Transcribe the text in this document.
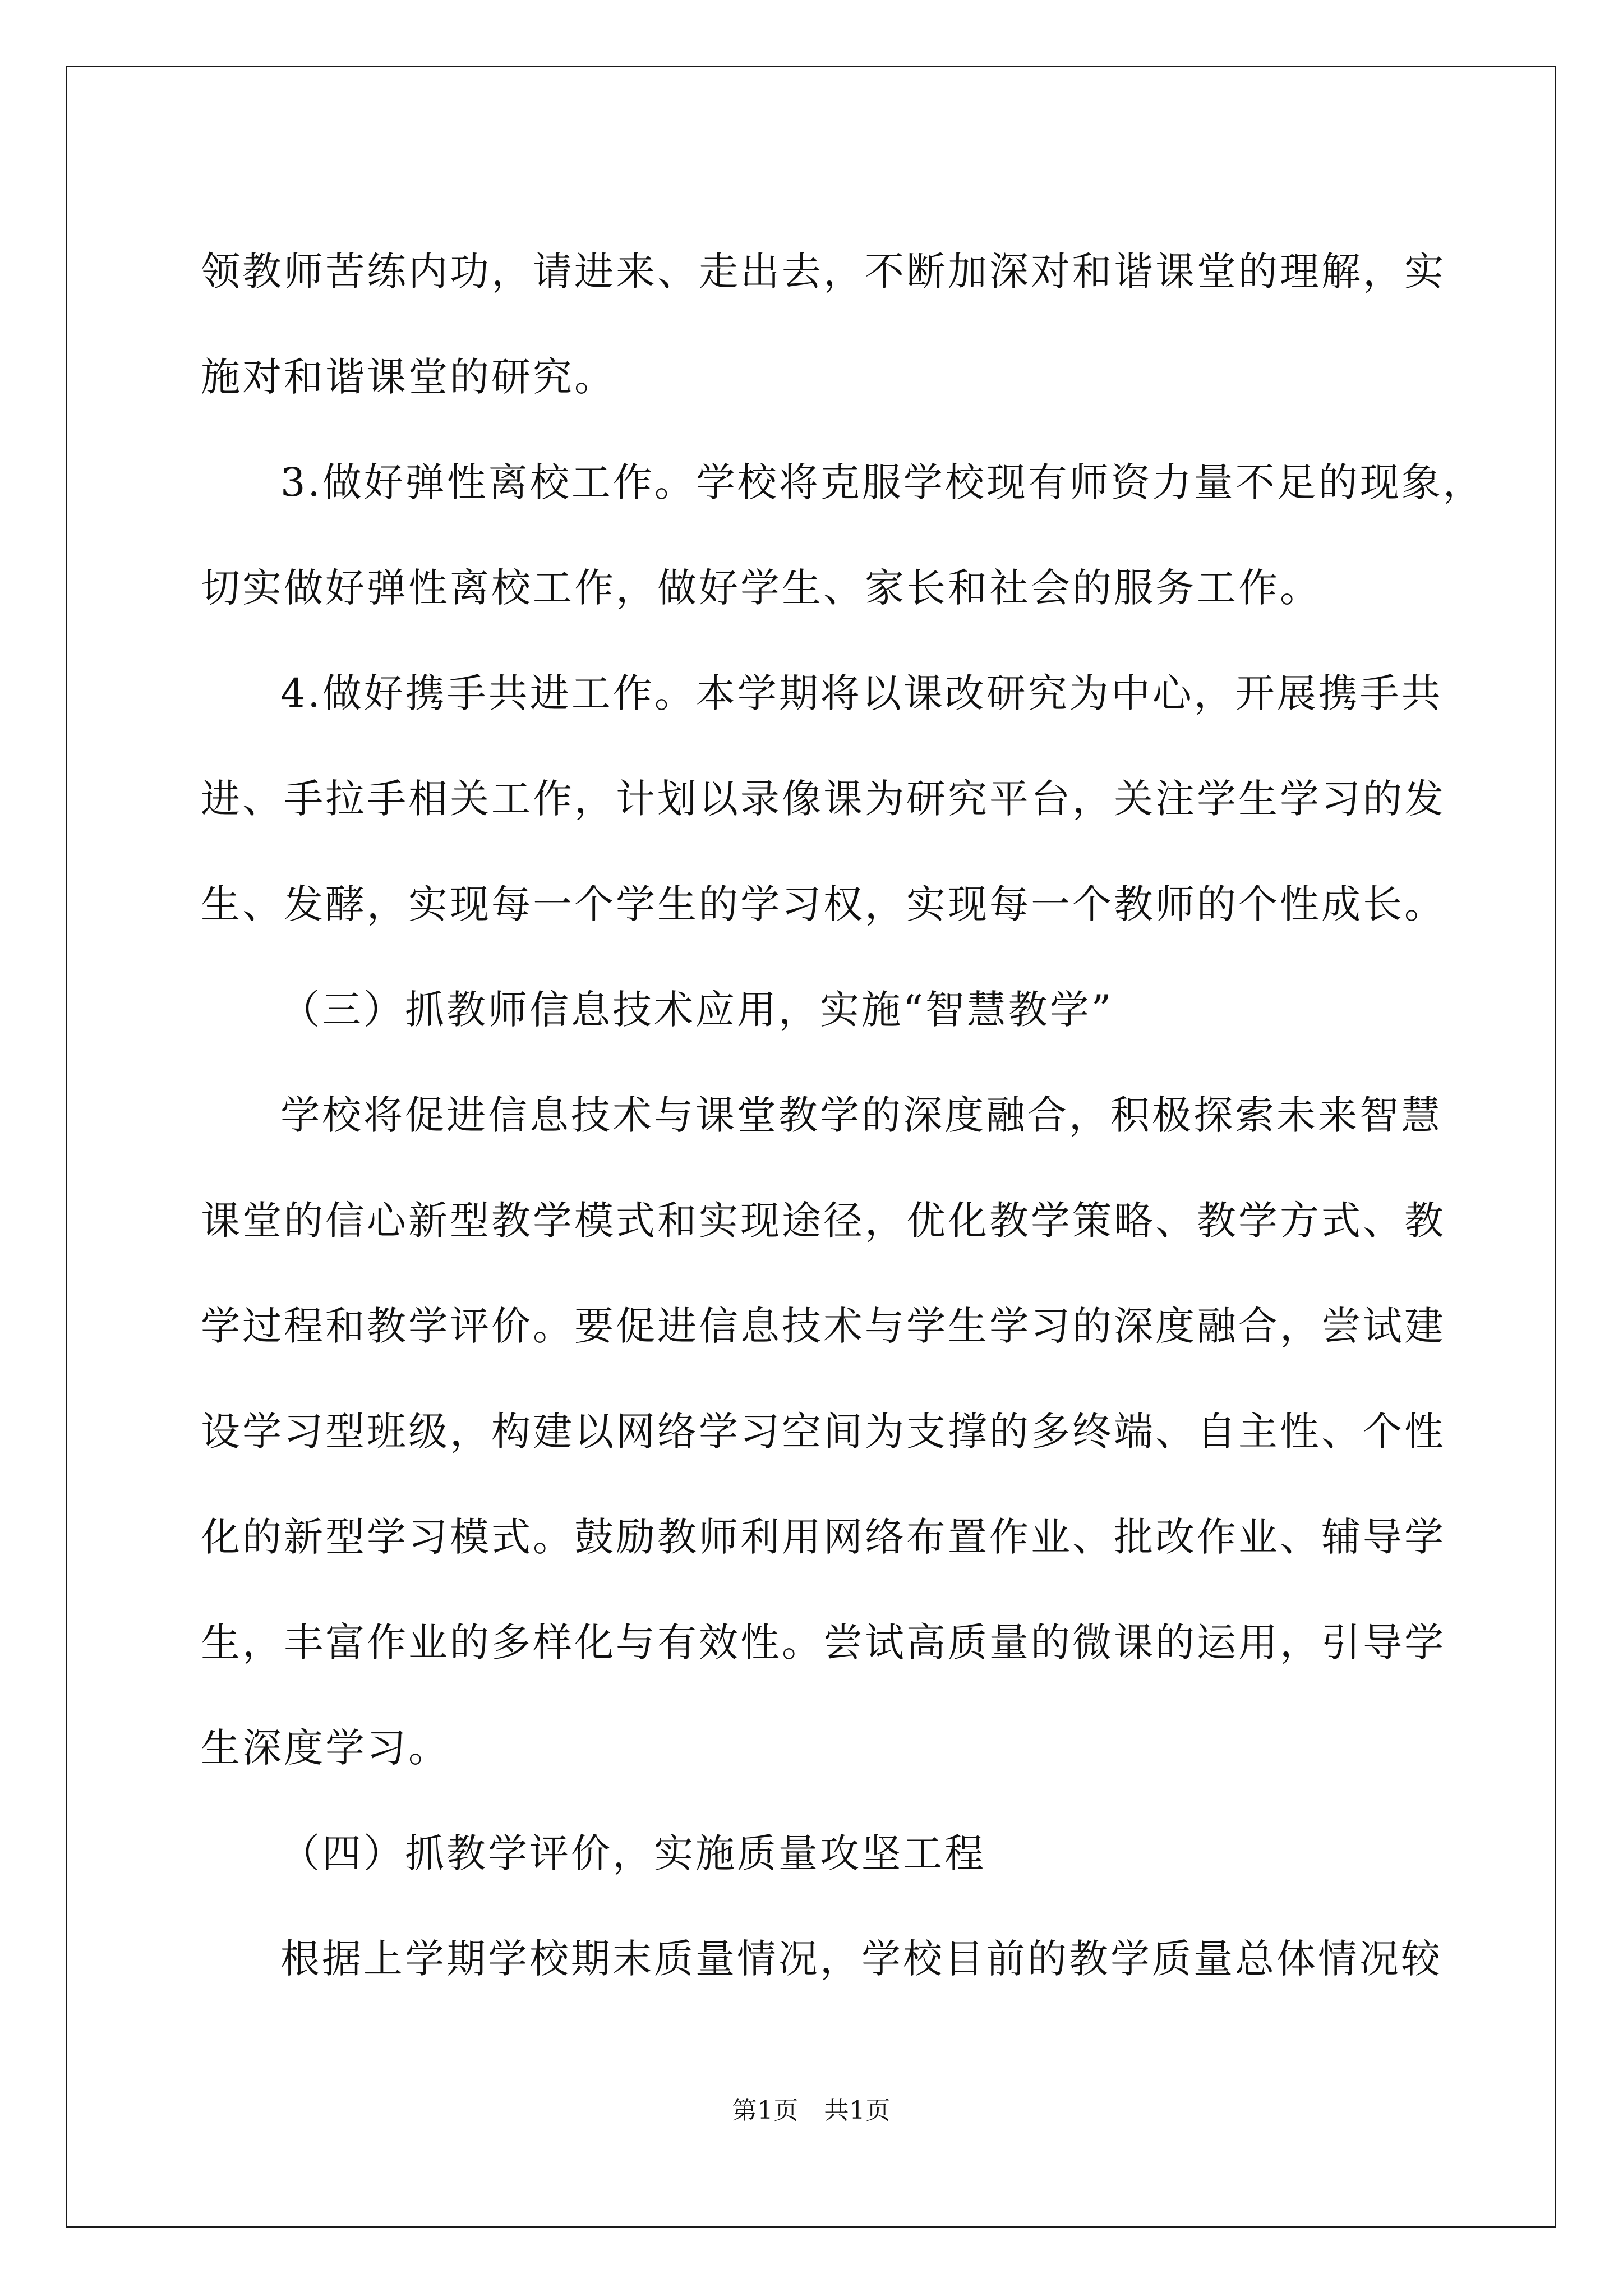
领教师苦练内功，请进来、走出去，不断加深对和谐课堂的理解，实

施对和谐课堂的研究。

3.做好弹性离校工作。学校将克服学校现有师资力量不足的现象，

切实做好弹性离校工作，做好学生、家长和社会的服务工作。

4.做好携手共进工作。本学期将以课改研究为中心，开展携手共

进、手拉手相关工作，计划以录像课为研究平台，关注学生学习的发

生、发酵，实现每一个学生的学习权，实现每一个教师的个性成长。

（三）抓教师信息技术应用，实施“智慧教学”

学校将促进信息技术与课堂教学的深度融合，积极探索未来智慧

课堂的信心新型教学模式和实现途径，优化教学策略、教学方式、教

学过程和教学评价。要促进信息技术与学生学习的深度融合，尝试建

设学习型班级，构建以网络学习空间为支撑的多终端、自主性、个性

化的新型学习模式。鼓励教师利用网络布置作业、批改作业、辅导学

生，丰富作业的多样化与有效性。尝试高质量的微课的运用，引导学

生深度学习。

（四）抓教学评价，实施质量攻坚工程

根据上学期学校期末质量情况，学校目前的教学质量总体情况较

第1页　共1页
